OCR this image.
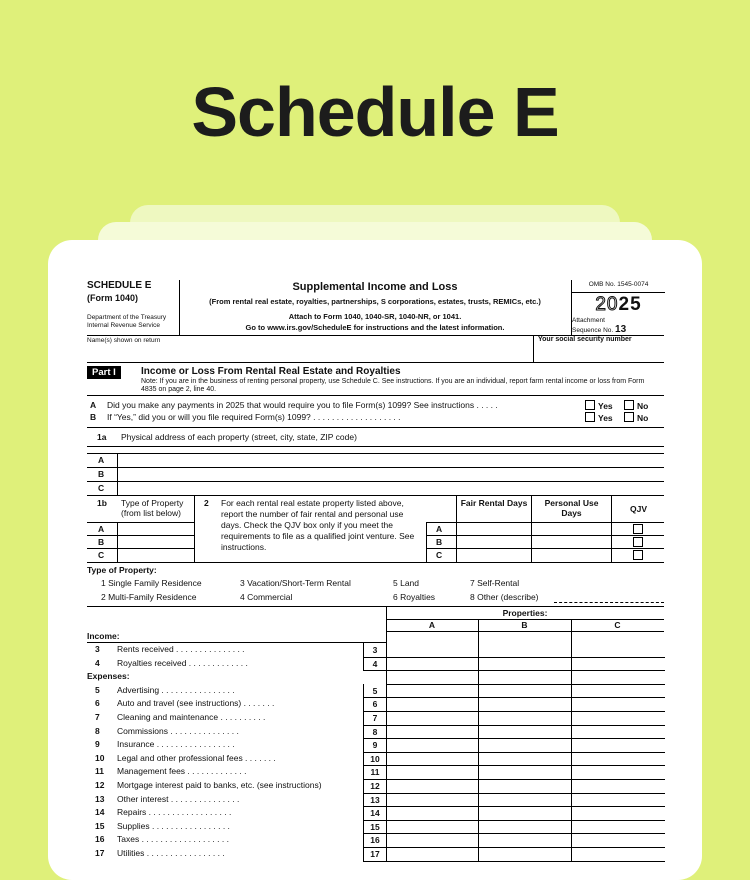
Schedule E
SCHEDULE E
(Form 1040)
Department of the Treasury
Internal Revenue Service
Supplemental Income and Loss
(From rental real estate, royalties, partnerships, S corporations, estates, trusts, REMICs, etc.)
Attach to Form 1040, 1040-SR, 1040-NR, or 1041.
Go to www.irs.gov/ScheduleE for instructions and the latest information.
OMB No. 1545-0074
2025
Attachment
Sequence No. 13
Name(s) shown on return	Your social security number
Part I	Income or Loss From Rental Real Estate and Royalties
Note: If you are in the business of renting personal property, use Schedule C. See instructions. If you are an individual, report farm rental income or loss from Form 4835 on page 2, line 40.
A Did you make any payments in 2025 that would require you to file Form(s) 1099? See instructions . . . . .	Yes	No
B If “Yes,” did you or will you file required Form(s) 1099? . . . . . . . . . . . . . . . . . . .	Yes	No
1a Physical address of each property (street, city, state, ZIP code)
A
B
C
1b Type of Property
(from list below)
A
B
C
2 For each rental real estate property listed above, report the number of fair rental and personal use days. Check the QJV box only if you meet the requirements to file as a qualified joint venture. See instructions.
A
B
C
Fair Rental Days	Personal Use Days	QJV
Type of Property:
1 Single Family Residence	3 Vacation/Short-Term Rental	5 Land	7 Self-Rental
2 Multi-Family Residence	4 Commercial	6 Royalties	8 Other (describe)
Properties:
A	B	C
Income:
3 Rents received . . . . . . . . . . . . . . .	3
4 Royalties received . . . . . . . . . . . . .	4
Expenses:
5 Advertising . . . . . . . . . . . . . . . .	5
6 Auto and travel (see instructions) . . . . . . .	6
7 Cleaning and maintenance . . . . . . . . . .	7
8 Commissions . . . . . . . . . . . . . . .	8
9 Insurance . . . . . . . . . . . . . . . . .	9
10 Legal and other professional fees . . . . . . .	10
11 Management fees . . . . . . . . . . . . .	11
12 Mortgage interest paid to banks, etc. (see instructions)	12
13 Other interest . . . . . . . . . . . . . . .	13
14 Repairs . . . . . . . . . . . . . . . . . .	14
15 Supplies . . . . . . . . . . . . . . . . .	15
16 Taxes . . . . . . . . . . . . . . . . . . .	16
17 Utilities . . . . . . . . . . . . . . . . .	17
